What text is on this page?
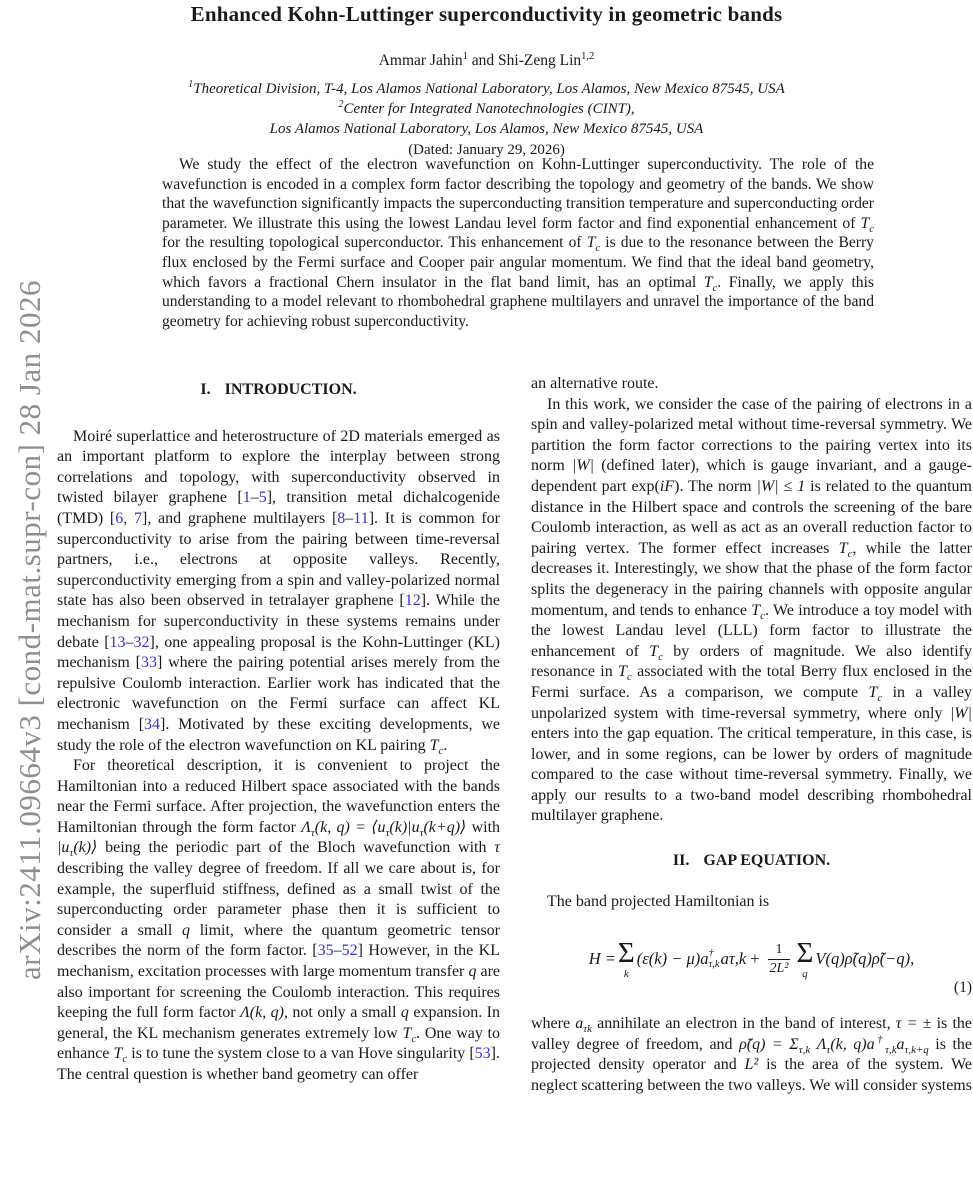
arXiv:2411.09664v3 [cond-mat.supr-con] 28 Jan 2026
Enhanced Kohn-Luttinger superconductivity in geometric bands
Ammar Jahin$^1$ and Shi-Zeng Lin$^{1,2}$
$^1$Theoretical Division, T-4, Los Alamos National Laboratory, Los Alamos, New Mexico 87545, USA
$^2$Center for Integrated Nanotechnologies (CINT),
Los Alamos National Laboratory, Los Alamos, New Mexico 87545, USA
(Dated: January 29, 2026)
We study the effect of the electron wavefunction on Kohn-Luttinger superconductivity. The role of the wavefunction is encoded in a complex form factor describing the topology and geometry of the bands. We show that the wavefunction significantly impacts the superconducting transition temperature and superconducting order parameter. We illustrate this using the lowest Landau level form factor and find exponential enhancement of $T_c$ for the resulting topological superconductor. This enhancement of $T_c$ is due to the resonance between the Berry flux enclosed by the Fermi surface and Cooper pair angular momentum. We find that the ideal band geometry, which favors a fractional Chern insulator in the flat band limit, has an optimal $T_c$. Finally, we apply this understanding to a model relevant to rhombohedral graphene multilayers and unravel the importance of the band geometry for achieving robust superconductivity.
I. INTRODUCTION.

Moiré superlattice and heterostructure of 2D materials emerged as an important platform to explore the interplay between strong correlations and topology, with superconductivity observed in twisted bilayer graphene [1–5], transition metal dichalcogenide (TMD) [6, 7], and graphene multilayers [8–11]. It is common for superconductivity to arise from the pairing between time-reversal partners, i.e., electrons at opposite valleys. Recently, superconductivity emerging from a spin and valley-polarized normal state has also been observed in tetralayer graphene [12]. While the mechanism for superconductivity in these systems remains under debate [13–32], one appealing proposal is the Kohn-Luttinger (KL) mechanism [33] where the pairing potential arises merely from the repulsive Coulomb interaction. Earlier work has indicated that the electronic wavefunction on the Fermi surface can affect KL mechanism [34]. Motivated by these exciting developments, we study the role of the electron wavefunction on KL pairing $T_c$.

For theoretical description, it is convenient to project the Hamiltonian into a reduced Hilbert space associated with the bands near the Fermi surface. After projection, the wavefunction enters the Hamiltonian through the form factor $\Lambda_\tau(k$, $q) = ⟨u_\tau(k)|u_\tau(k+q)⟩$ with $|u_\tau(k)⟩$ being the periodic part of the Bloch wavefunction with τ describing the valley degree of freedom. If all we care about is, for example, the superfluid stiffness, defined as a small twist of the superconducting order parameter phase then it is sufficient to consider a small q limit, where the quantum geometric tensor describes the norm of the form factor. [35–52] However, in the KL mechanism, excitation processes with large momentum transfer q are also important for screening the Coulomb interaction. This requires keeping the full form factor Λ(k, q), not only a small q expansion. In general, the KL mechanism generates extremely low $T_c$. One way to enhance $T_c$ is to tune the system close to a van Hove singularity [53]. The central question is whether band geometry can offer

an alternative route.

In this work, we consider the case of the pairing of electrons in a spin and valley-polarized metal without time-reversal symmetry. We partition the form factor corrections to the pairing vertex into its norm |W| (defined later), which is gauge invariant, and a gauge-dependent part exp(iF). The norm |W| ≤ 1 is related to the quantum distance in the Hilbert space and controls the screening of the bare Coulomb interaction, as well as act as an overall reduction factor to pairing vertex. The former effect increases $T_c$, while the latter decreases it. Interestingly, we show that the phase of the form factor splits the degeneracy in the pairing channels with opposite angular momentum, and tends to enhance $T_c$. We introduce a toy model with the lowest Landau level (LLL) form factor to illustrate the enhancement of $T_c$ by orders of magnitude. We also identify resonance in $T_c$ associated with the total Berry flux enclosed in the Fermi surface. As a comparison, we compute $T_c$ in a valley unpolarized system with time-reversal symmetry, where only |W| enters into the gap equation. The critical temperature, in this case, is lower, and in some regions, can be lower by orders of magnitude compared to the case without time-reversal symmetry. Finally, we apply our results to a two-band model describing rhombohedral multilayer graphene.

II. GAP EQUATION.

The band projected Hamiltonian is

H = Σ
k
(ε(k) − μ)a †
τ,k a $\tau,k + \frac{1}{\text{2L²}}$ Σ
q
V(q)ρ̃(q)ρ̃(−q),
(1)

where $a_{\tau k}$ annihilate an electron in the band of interest, τ = ± is the valley degree of freedom, and ρ̃(q) = $\Sigma_{\tau,k}$ $\Lambda_\tau(k$, $q)a^\dagger_{\tau,k}a_{\tau,k+q}$ is the projected density operator and L² is the area of the system. We neglect scattering between the two valleys. We will consider systems
